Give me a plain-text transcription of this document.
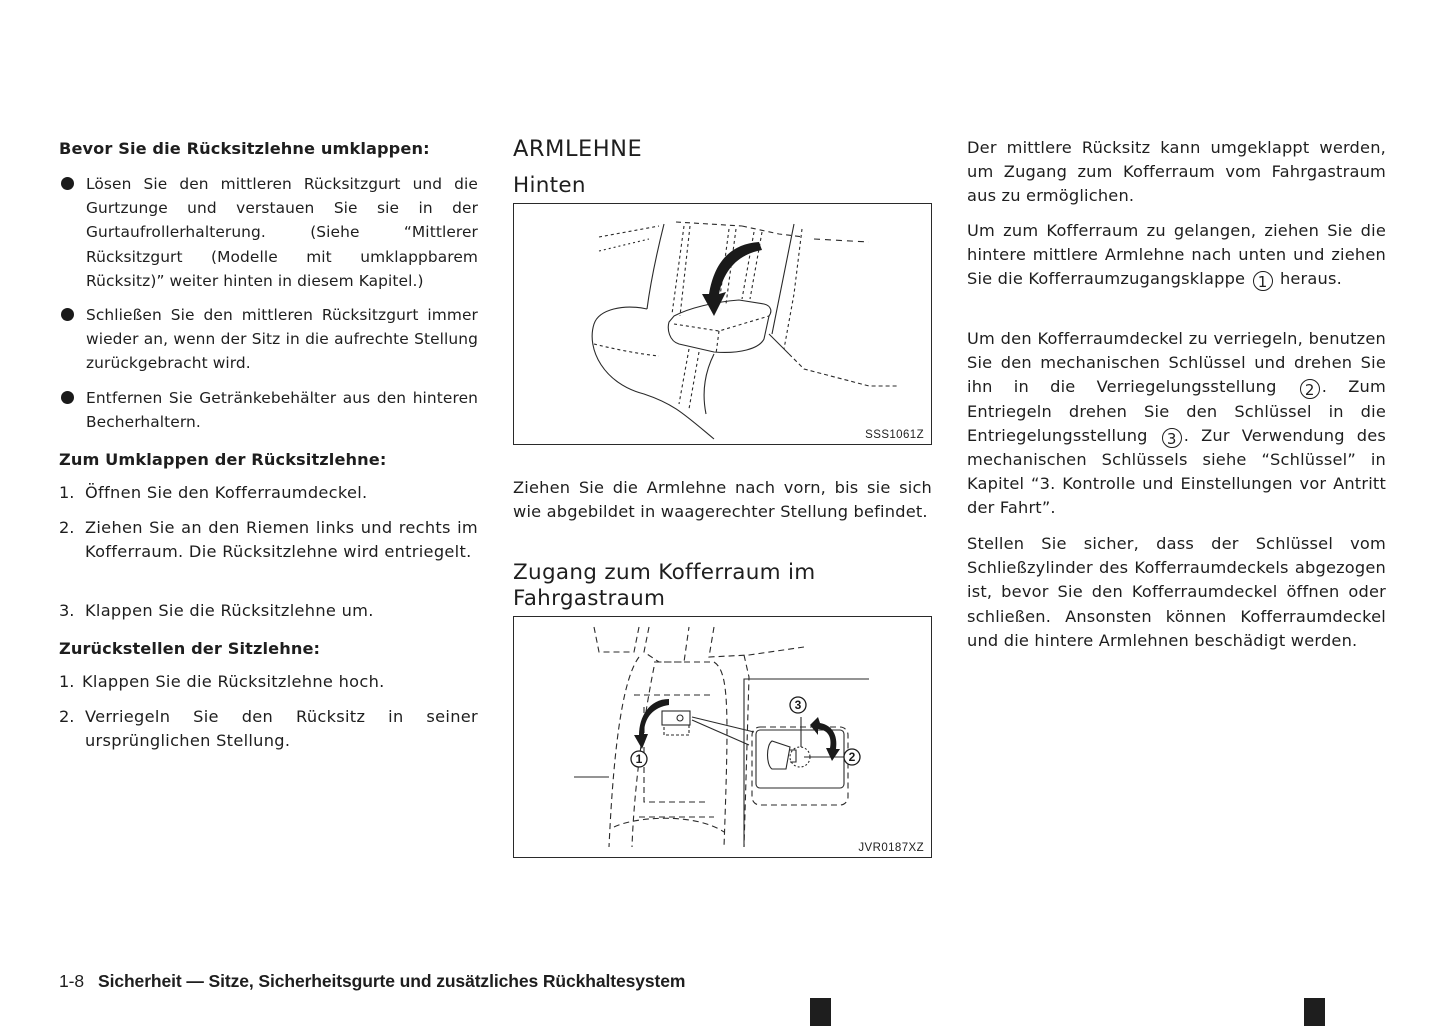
Bevor Sie die Rücksitzlehne umklappen:
Lösen Sie den mittleren Rücksitzgurt und die Gurtzunge und verstauen Sie sie in der Gurtaufrollerhalterung. (Siehe “Mittlerer Rücksitzgurt (Modelle mit umklappbarem Rücksitz)” weiter hinten in diesem Kapitel.)
Schließen Sie den mittleren Rücksitzgurt immer wieder an, wenn der Sitz in die aufrechte Stellung zurückgebracht wird.
Entfernen Sie Getränkebehälter aus den hinteren Becherhaltern.
Zum Umklappen der Rücksitzlehne:
1. Öffnen Sie den Kofferraumdeckel.
2. Ziehen Sie an den Riemen links und rechts im Kofferraum. Die Rücksitzlehne wird entriegelt.
3. Klappen Sie die Rücksitzlehne um.
Zurückstellen der Sitzlehne:
1. Klappen Sie die Rücksitzlehne hoch.
2. Verriegeln Sie den Rücksitz in seiner ursprünglichen Stellung.
ARMLEHNE
Hinten
SSS1061Z

Ziehen Sie die Armlehne nach vorn, bis sie sich wie abgebildet in waagerechter Stellung befindet.

Zugang zum Kofferraum im Fahrgastraum
1	2
3
JVR0187XZ

Der mittlere Rücksitz kann umgeklappt werden, um Zugang zum Kofferraum vom Fahrgastraum aus zu ermöglichen.

Um zum Kofferraum zu gelangen, ziehen Sie die hintere mittlere Armlehne nach unten und ziehen Sie die Kofferraumzugangsklappe 1 heraus.

Um den Kofferraumdeckel zu verriegeln, benutzen Sie den mechanischen Schlüssel und drehen Sie ihn in die Verriegelungsstellung 2 . Zum Entriegeln drehen Sie den Schlüssel in die Entriegelungsstellung 3 . Zur Verwendung des mechanischen Schlüssels siehe “Schlüssel” in Kapitel “3. Kontrolle und Einstellungen vor Antritt der Fahrt”.

Stellen Sie sicher, dass der Schlüssel vom Schließzylinder des Kofferraumdeckels abgezogen ist, bevor Sie den Kofferraumdeckel öffnen oder schließen. Ansonsten können Kofferraumdeckel und die hintere Armlehnen beschädigt werden.

1-8 Sicherheit — Sitze, Sicherheitsgurte und zusätzliches Rückhaltesystem
